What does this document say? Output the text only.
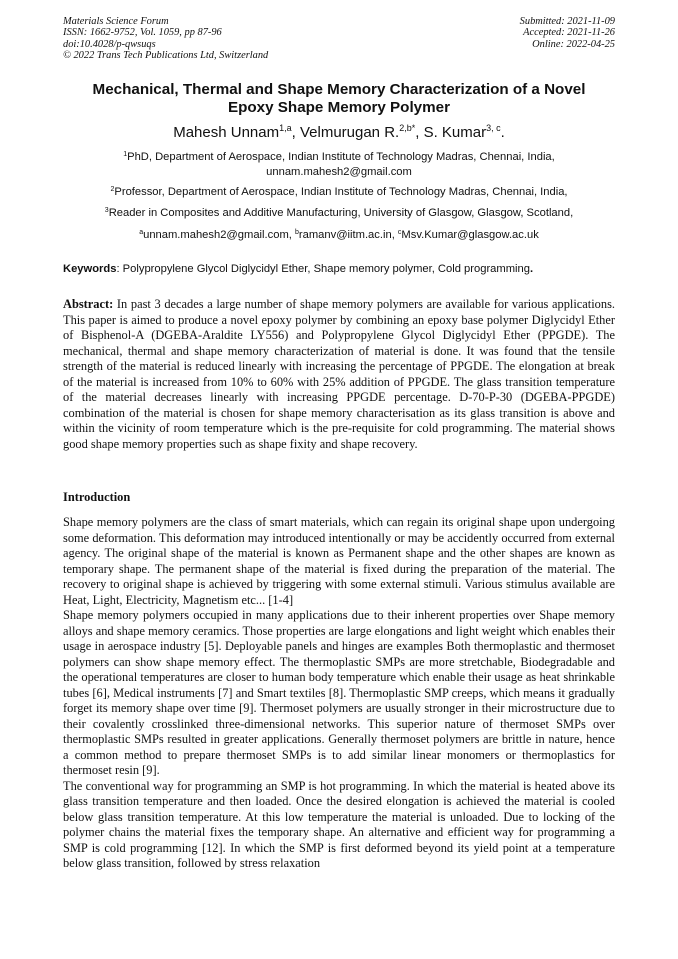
Materials Science Forum
ISSN: 1662-9752, Vol. 1059, pp 87-96
doi:10.4028/p-qwsuqs
© 2022 Trans Tech Publications Ltd, Switzerland
Submitted: 2021-11-09
Accepted: 2021-11-26
Online: 2022-04-25
Mechanical, Thermal and Shape Memory Characterization of a Novel
Epoxy Shape Memory Polymer
Mahesh Unnam$^{1,a}$, Velmurugan R.$^{2,b*}$, S. Kumar$^{3, c}$.
$^1$PhD, Department of Aerospace, Indian Institute of Technology Madras, Chennai, India,
unnam.mahesh2@gmail.com
$^2$Professor, Department of Aerospace, Indian Institute of Technology Madras, Chennai, India,
$^3$Reader in Composites and Additive Manufacturing, University of Glasgow, Glasgow, Scotland,
$^a$unnam.mahesh2@gmail.com, $^b$ramanv@iitm.ac.in, $^c$Msv.Kumar@glasgow.ac.uk
Keywords: Polypropylene Glycol Diglycidyl Ether, Shape memory polymer, Cold programming.

Abstract: In past 3 decades a large number of shape memory polymers are available for various applications. This paper is aimed to produce a novel epoxy polymer by combining an epoxy base polymer Diglycidyl Ether of Bisphenol-A (DGEBA-Araldite LY556) and Polypropylene Glycol Diglycidyl Ether (PPGDE). The mechanical, thermal and shape memory characterization of material is done. It was found that the tensile strength of the material is reduced linearly with increasing the percentage of PPGDE. The elongation at break of the material is increased from 10% to 60% with 25% addition of PPGDE. The glass transition temperature of the material decreases linearly with increasing PPGDE percentage. D-70-P-30 (DGEBA-PPGDE) combination of the material is chosen for shape memory characterisation as its glass transition is above and within the vicinity of room temperature which is the pre-requisite for cold programming. The material shows good shape memory properties such as shape fixity and shape recovery.

Introduction

Shape memory polymers are the class of smart materials, which can regain its original shape upon undergoing some deformation. This deformation may introduced intentionally or may be accidently occurred from external agency. The original shape of the material is known as Permanent shape and the other shapes are known as temporary shape. The permanent shape of the material is fixed during the preparation of the material. The recovery to original shape is achieved by triggering with some external stimuli. Various stimulus available are Heat, Light, Electricity, Magnetism etc... [1-4]

Shape memory polymers occupied in many applications due to their inherent properties over Shape memory alloys and shape memory ceramics. Those properties are large elongations and light weight which enables their usage in aerospace industry [5]. Deployable panels and hinges are examples Both thermoplastic and thermoset polymers can show shape memory effect. The thermoplastic SMPs are more stretchable, Biodegradable and the operational temperatures are closer to human body temperature which enable their usage as heat shrinkable tubes [6], Medical instruments [7] and Smart textiles [8]. Thermoplastic SMP creeps, which means it gradually forget its memory shape over time [9]. Thermoset polymers are usually stronger in their microstructure due to their covalently crosslinked three-dimensional networks. This superior nature of thermoset SMPs over thermoplastic SMPs resulted in greater applications. Generally thermoset polymers are brittle in nature, hence a common method to prepare thermoset SMPs is to add similar linear monomers or thermoplastics for thermoset resin [9].

The conventional way for programming an SMP is hot programming. In which the material is heated above its glass transition temperature and then loaded. Once the desired elongation is achieved the material is cooled below glass transition temperature. At this low temperature the material is unloaded. Due to locking of the polymer chains the material fixes the temporary shape. An alternative and efficient way for programming a SMP is cold programming [12]. In which the SMP is first deformed beyond its yield point at a temperature below glass transition, followed by stress relaxation
